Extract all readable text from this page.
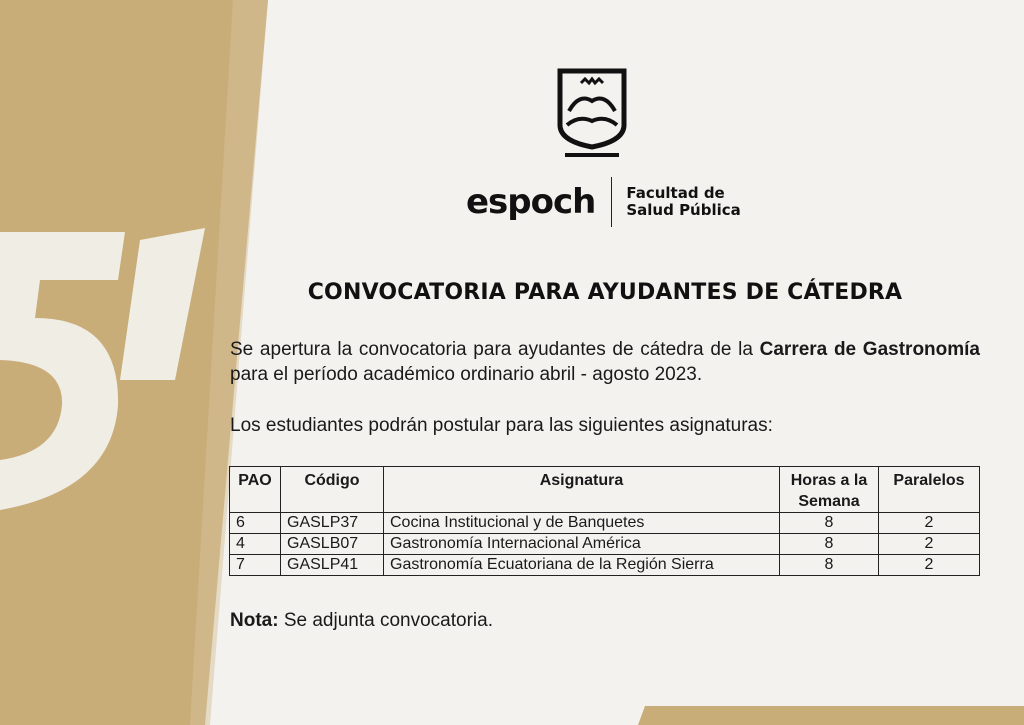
espoch Facultad de
Salud Pública
CONVOCATORIA PARA AYUDANTES DE CÁTEDRA
Se apertura la convocatoria para ayudantes de cátedra de la Carrera de Gastronomía para el período académico ordinario abril - agosto 2023.
Los estudiantes podrán postular para las siguientes asignaturas:
PAO	Código	Asignatura	Horas a la Semana	Paralelos
6	GASLP37	Cocina Institucional y de Banquetes	8	2
4	GASLB07	Gastronomía Internacional América	8	2
7	GASLP41	Gastronomía Ecuatoriana de la Región Sierra	8	2
Nota: Se adjunta convocatoria.
